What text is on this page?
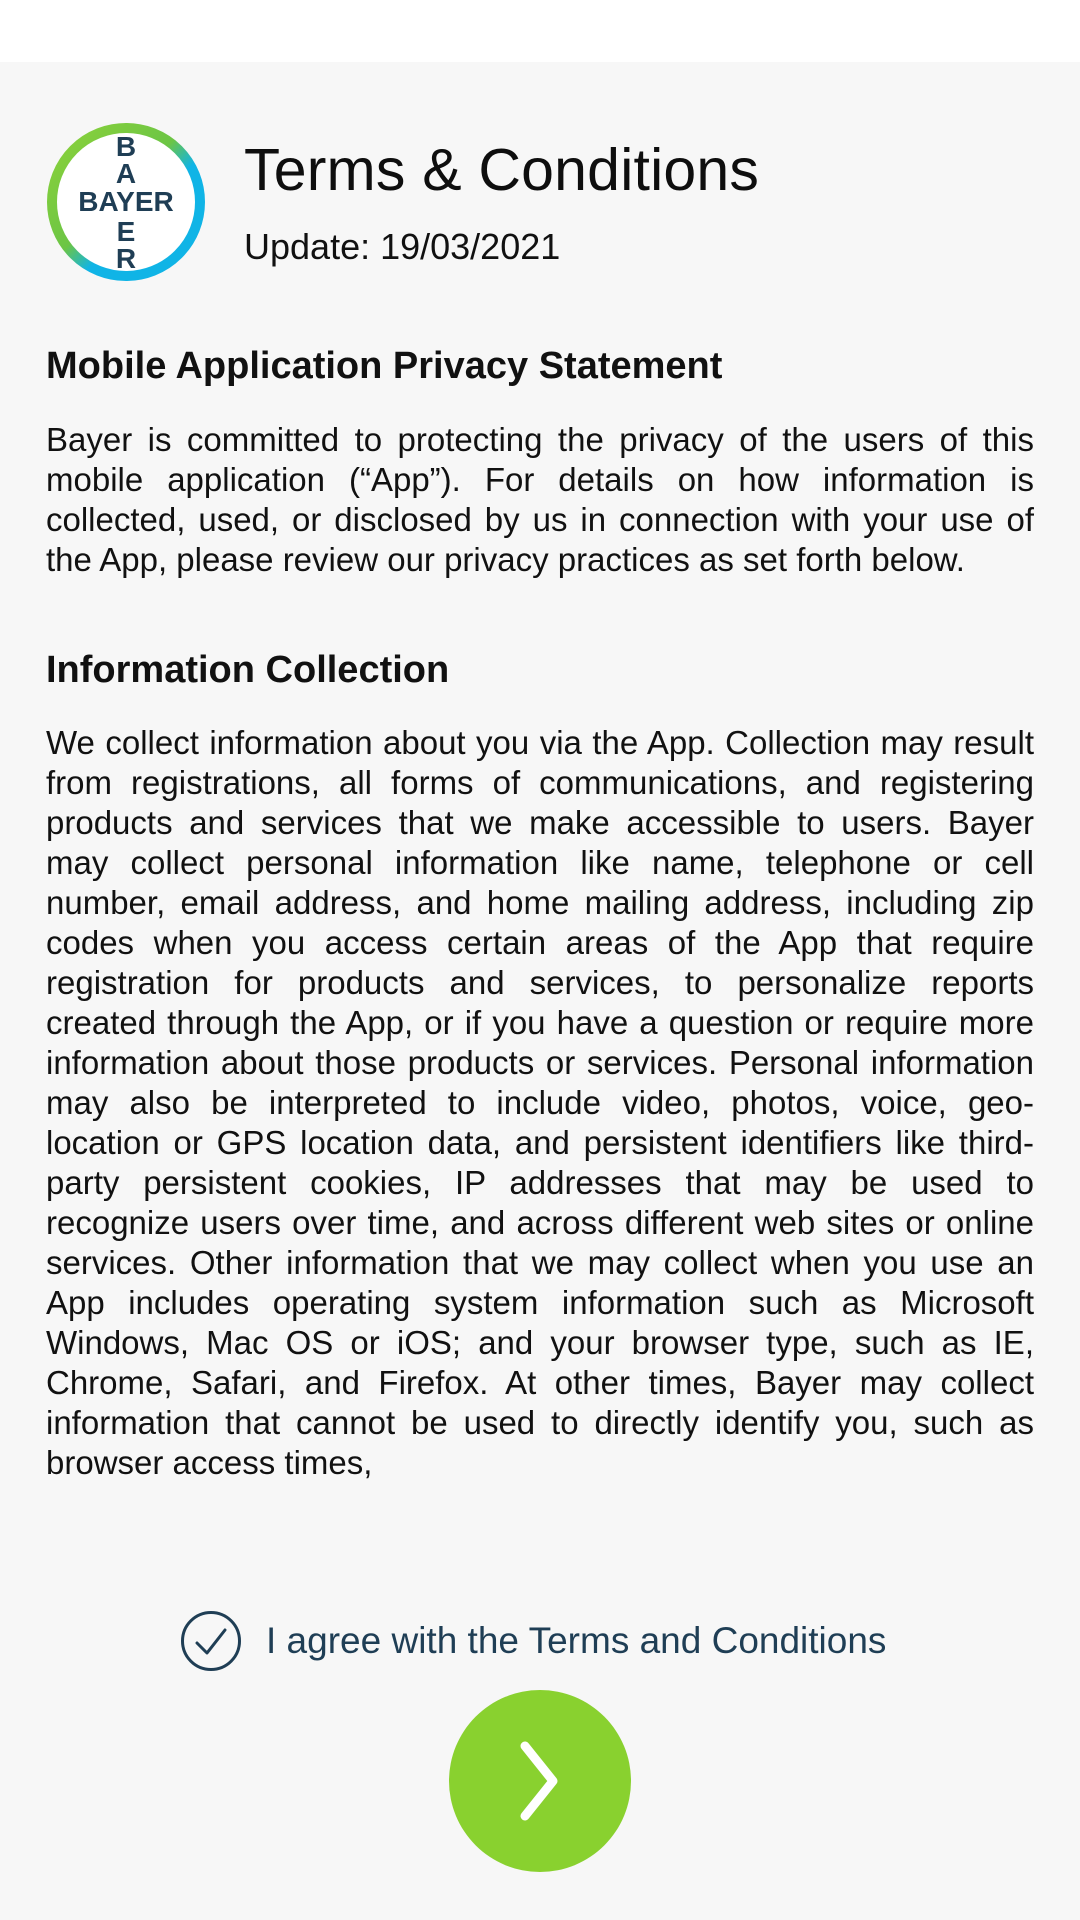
B
A
BAYER
E
R
Terms & Conditions
Update: 19/03/2021
Mobile Application Privacy Statement

Bayer is committed to protecting the privacy of the users of this mobile application (“App”). For details on how information is collected, used, or disclosed by us in connection with your use of the App, please review our privacy practices as set forth below.

Information Collection

We collect information about you via the App. Collection may result from registrations, all forms of communications, and registering products and services that we make accessible to users. Bayer may collect personal information like name, telephone or cell number, email address, and home mailing address, including zip codes when you access certain areas of the App that require registration for products and services, to personalize reports created through the App, or if you have a question or require more information about those products or services. Personal information may also be interpreted to include video, photos, voice, geo-location or GPS location data, and persistent identifiers like third-party persistent cookies, IP addresses that may be used to recognize users over time, and across different web sites or online services. Other information that we may collect when you use an App includes operating system information such as Microsoft Windows, Mac OS or iOS; and your browser type, such as IE, Chrome, Safari, and Firefox. At other times, Bayer may collect information that cannot be used to directly identify you, such as browser access times,

I agree with the Terms and Conditions
